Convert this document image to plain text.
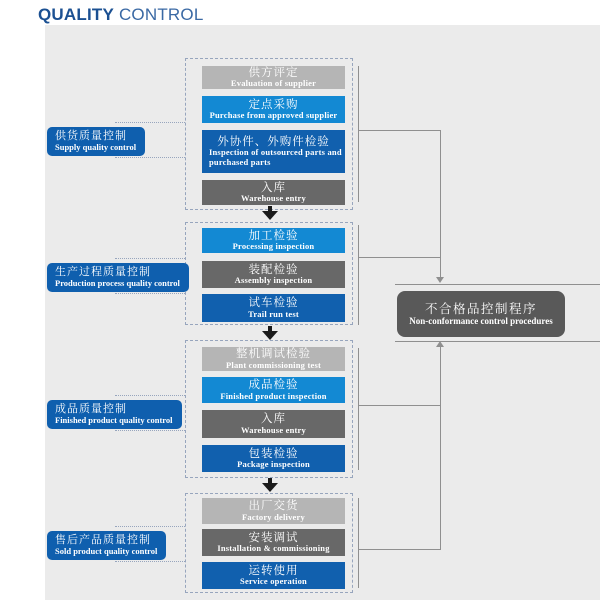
QUALITY CONTROL
供方评定
Evaluation of supplier
定点采购
Purchase from approved supplier
外协件、外购件检验
Inspection of outsourced parts and purchased parts
入库
Warehouse entry
加工检验
Processing inspection
装配检验
Assembly inspection
试车检验
Trail run test
整机调试检验
Plant commissioning test
成品检验
Finished product inspection
入库
Warehouse entry
包装检验
Package inspection
出厂交货
Factory delivery
安装调试
Installation & commissioning
运转使用
Service operation
供货质量控制
Supply quality control
生产过程质量控制
Production process quality control
成品质量控制
Finished product quality control
售后产品质量控制
Sold product quality control
不合格品控制程序
Non-conformance control procedures
